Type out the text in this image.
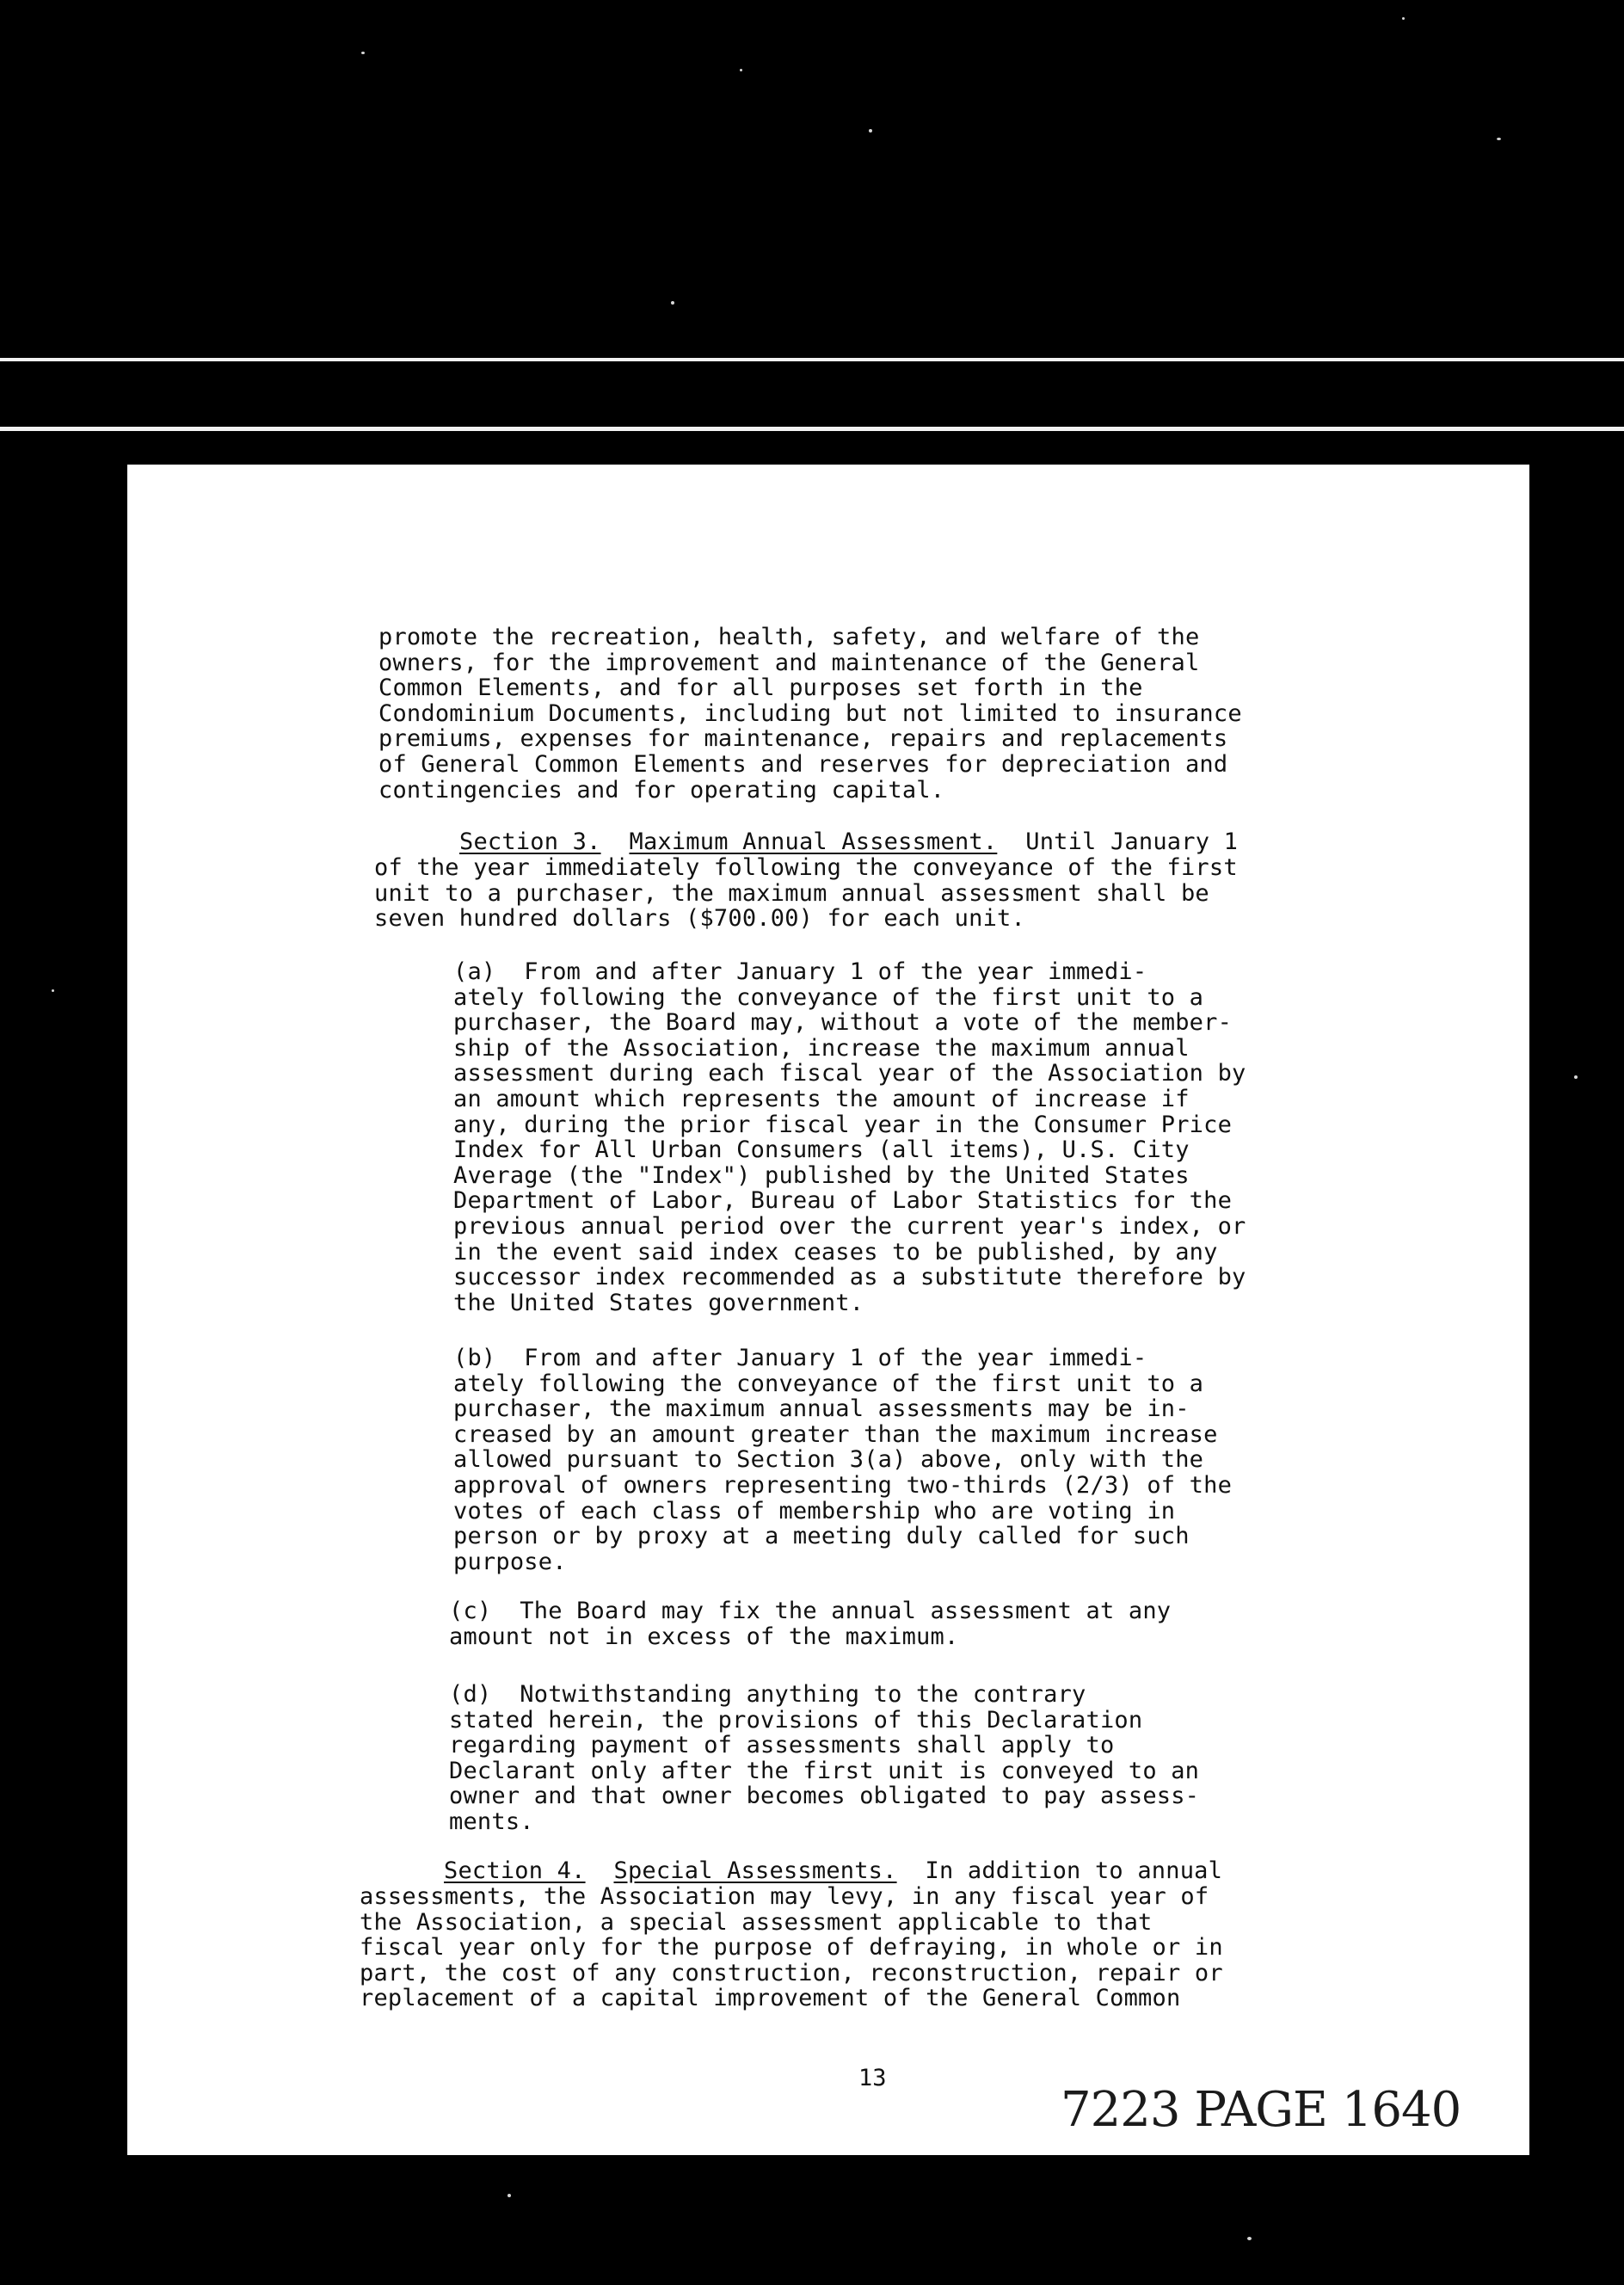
promote the recreation, health, safety, and welfare of the
owners, for the improvement and maintenance of the General
Common Elements, and for all purposes set forth in the
Condominium Documents, including but not limited to insurance
premiums, expenses for maintenance, repairs and replacements
of General Common Elements and reserves for depreciation and
contingencies and for operating capital.
Section 3. Maximum Annual Assessment.  Until January 1
of the year immediately following the conveyance of the first
unit to a purchaser, the maximum annual assessment shall be
seven hundred dollars ($700.00) for each unit.
(a)  From and after January 1 of the year immedi-
ately following the conveyance of the first unit to a
purchaser, the Board may, without a vote of the member-
ship of the Association, increase the maximum annual
assessment during each fiscal year of the Association by
an amount which represents the amount of increase if
any, during the prior fiscal year in the Consumer Price
Index for All Urban Consumers (all items), U.S. City
Average (the "Index") published by the United States
Department of Labor, Bureau of Labor Statistics for the
previous annual period over the current year's index, or
in the event said index ceases to be published, by any
successor index recommended as a substitute therefore by
the United States government.
(b)  From and after January 1 of the year immedi-
ately following the conveyance of the first unit to a
purchaser, the maximum annual assessments may be in-
creased by an amount greater than the maximum increase
allowed pursuant to Section 3(a) above, only with the
approval of owners representing two-thirds (2/3) of the
votes of each class of membership who are voting in
person or by proxy at a meeting duly called for such
purpose.
(c)  The Board may fix the annual assessment at any
amount not in excess of the maximum.
(d)  Notwithstanding anything to the contrary
stated herein, the provisions of this Declaration
regarding payment of assessments shall apply to
Declarant only after the first unit is conveyed to an
owner and that owner becomes obligated to pay assess-
ments.
Section 4. Special Assessments.  In addition to annual
assessments, the Association may levy, in any fiscal year of
the Association, a special assessment applicable to that
fiscal year only for the purpose of defraying, in whole or in
part, the cost of any construction, reconstruction, repair or
replacement of a capital improvement of the General Common
13
7223 PAGE 1640
